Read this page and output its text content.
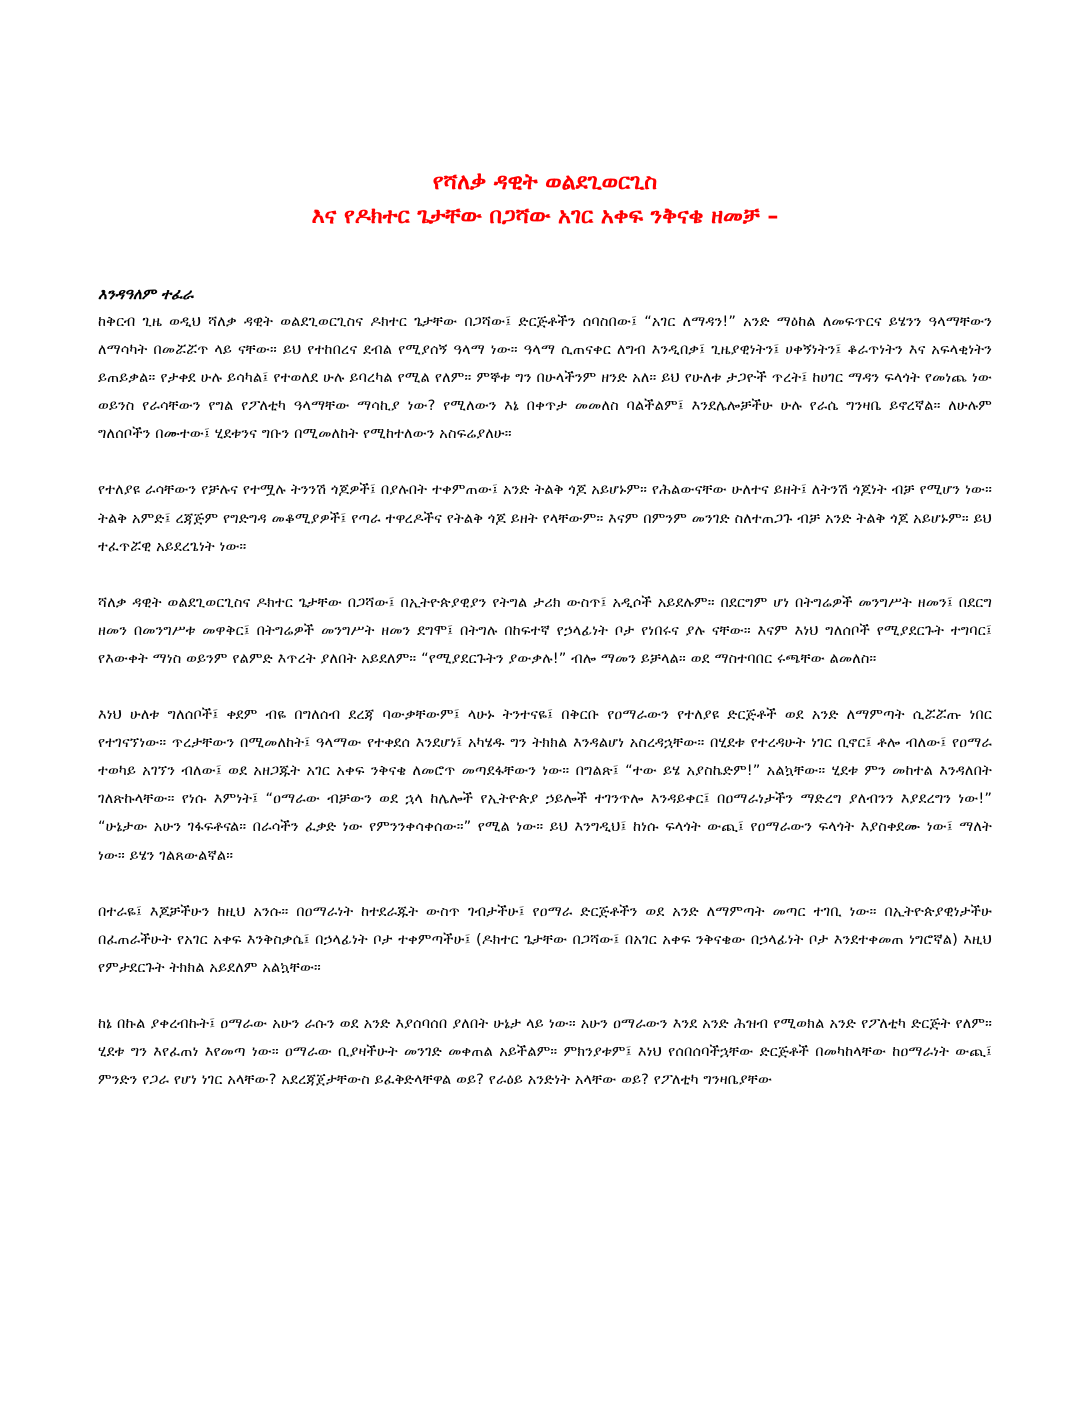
የሻለቃ ዳዊት ወልደጊወርጊስ
እና የዶክተር ጌታቸው በጋሻው አገር አቀፍ ንቅናቄ ዘመቻ –
እንዳዓለም ተፈራ

ከቅርብ ጊዜ ወዲህ ሻለቃ ዳዊት ወልደጊወርጊስና ዶክተር ጌታቸው በጋሻው፤ ድርጅቶችን ሰባስበው፤ “አገር ለማዳን!” አንድ ማዕከል ለመፍጥርና ይሄንን ዓላማቸውን ለማሳካት በመሯሯጥ ላይ ናቸው። ይህ የተከበረና ደብል የሚያሰኝ ዓላማ ነው። ዓላማ ሲጠናቀር ለግብ እንዲበቃ፤ ጊዜያዊነትን፤ ሀቀኝነትን፤ ቆራጥነትን እና አፍላቂነትን ይጠይቃል። የታቀደ ሁሉ ይሳካል፤ የተወለደ ሁሉ ይባረካል የሚል የለም። ምኞቱ ግን በሁላችንም ዘንድ አለ። ይህ የሁለቱ ታጋዮች ጥረት፤ ከሀገር ማዳን ፍላጎት የመነጨ ነው ወይንስ የራሳቸውን የግል የፖለቲካ ዓላማቸው ማሳኪያ ነው? የሚለውን እኔ በቀጥታ መመለስ ባልችልም፤ እንደሌሎቻችሁ ሁሉ የራሴ ግንዛቤ ይኖረኛል። ለሁሉም ግለሰቦችን በሙተው፤ ሂደቱንና ግቡን በሚመለከት የሚከተለውን አስፍሬያለሁ።

የተለያዩ ራሳቸውን የቻሉና የተሟሉ ትንንሽ ጎጆዎች፤ በያሉበት ተቀምጠው፤ አንድ ትልቅ ጎጆ አይሆኑም። የሕልውናቸው ሁለተና ይዘት፤ ለትንሽ ጎጆነት ብቻ የሚሆን ነው። ትልቅ አምድ፤ ረጃጅም የግድግዳ መቆሚያዎች፤ የጣራ ተዋረዶችና የትልቅ ጎጆ ይዘት የላቸውም። እናም በምንም መንገድ ስለተጠጋጉ ብቻ አንድ ትልቅ ጎጆ አይሆኑም። ይህ ተፈጥሯዊ አይደረጌነት ነው።

ሻለቃ ዳዊት ወልደጊወርጊስና ዶክተር ጌታቸው በጋሻው፤ በኢትዮጵያዊያን የትግል ታሪክ ውስጥ፤ አዲሶች አይደሉም። በደርግም ሆነ በትግሬዎች መንግሥት ዘመን፤ በደርግ ዘመን በመንግሥቱ መዋቅር፤ በትግሬዎች መንግሥት ዘመን ደግሞ፤ በትግሉ በከፍተኛ የኃላፊነት ቦታ የነበሩና ያሉ ናቸው። እናም እነህ ግለሰቦች የሚያደርጉት ተግባር፤ የእውቀት ማነስ ወይንም የልምድ እጥረት ያለበት አይደለም። “የሚያደርጉትን ያውቃሉ!” ብሎ ማመን ይቻላል። ወደ ማስተባበር ሩጫቸው ልመለስ።

እነህ ሁለቱ ግለሰቦች፤ ቀደም ብዬ በግለሰብ ደረጃ ባውቃቸውም፤ ላሁኑ ትንተናዬ፤ በቅርቡ የዐማራውን የተለያዩ ድርጅቶች ወደ አንድ ለማምጣት ሲሯሯጡ ነበር የተገናኘነው። ጥረታቸውን በሚመለከት፤ ዓላማው የተቀደሰ እንደሆነ፤ አካሄዱ ግን ትክክል እንዳልሆነ አስረዳኋቸው። በሂደቱ የተረዳሁት ነገር ቢኖር፤ ቶሎ ብለው፤ የዐማራ ተወካይ አገኘን ብለው፤ ወደ አዘጋጁት አገር አቀፍ ንቅናቄ ለመሮጥ መጣደፋቸውን ነው። በግልጽ፤ “ተው ይሄ አያስኬድም!” አልኳቸው። ሂደቱ ምን መከተል እንዳለበት ገለጽኩላቸው። የነሱ እምነት፤ “ዐማራው ብቻውን ወደ ኋላ ከሌሎች የኢትዮጵያ ኃይሎች ተገንጥሎ እንዳይቀር፤ በዐማራነታችን ማድረግ ያለብንን እያደረግን ነው!” “ሁኔታው አሁን ገፋፍቶናል። በራሳችን ፈቃድ ነው የምንንቀሳቀሰው።” የሚል ነው። ይህ እንግዲህ፤ ከነሱ ፍላጎት ውጪ፤ የዐማራውን ፍላጎት እያስቀደሙ ነው፤ ማለት ነው። ይሄን ገልጸውልኛል።

በተራዬ፤ እጆቻችሁን ከዚህ አንሱ። በዐማራነት ከተደራጁት ውስጥ ገብታችሁ፤ የዐማራ ድርጅቶችን ወደ አንድ ለማምጣት መጣር ተገቢ ነው። በኢትዮጵያዊነታችሁ በፈጠራችሁት የአገር አቀፍ እንቅስቃሴ፤ በኃላፊነት ቦታ ተቀምጣችሁ፤ (ዶክተር ጌታቸው በጋሻው፤ በአገር አቀፍ ንቅናቄው በኃላፊነት ቦታ እንደተቀመጠ ነግሮኛል) እዚህ የምታደርጉት ትክክል አይደለም አልኳቸው።

ከኔ በኩል ያቀረብኩት፤ ዐማራው አሁን ራሱን ወደ አንድ እያሰባሰበ ያለበት ሁኔታ ላይ ነው። አሁን ዐማራውን እንደ አንድ ሕዝብ የሚወክል አንድ የፖለቲካ ድርጅት የለም። ሂደቱ ግን እየፈጠነ እየመጣ ነው። ዐማራው ቢያዛችሁት መንገድ መቀጠል አይችልም። ምክንያቱም፤ እነህ የሰበሰባችኋቸው ድርጅቶች በመካከላቸው ከዐማራነት ውጪ፤ ምንድን የጋራ የሆነ ነገር አላቸው? አደረጃጀታቸውስ ይፈቅድላቸዋል ወይ? የራዕይ አንድነት አላቸው ወይ? የፖለቲካ ግንዛቤያቸው
